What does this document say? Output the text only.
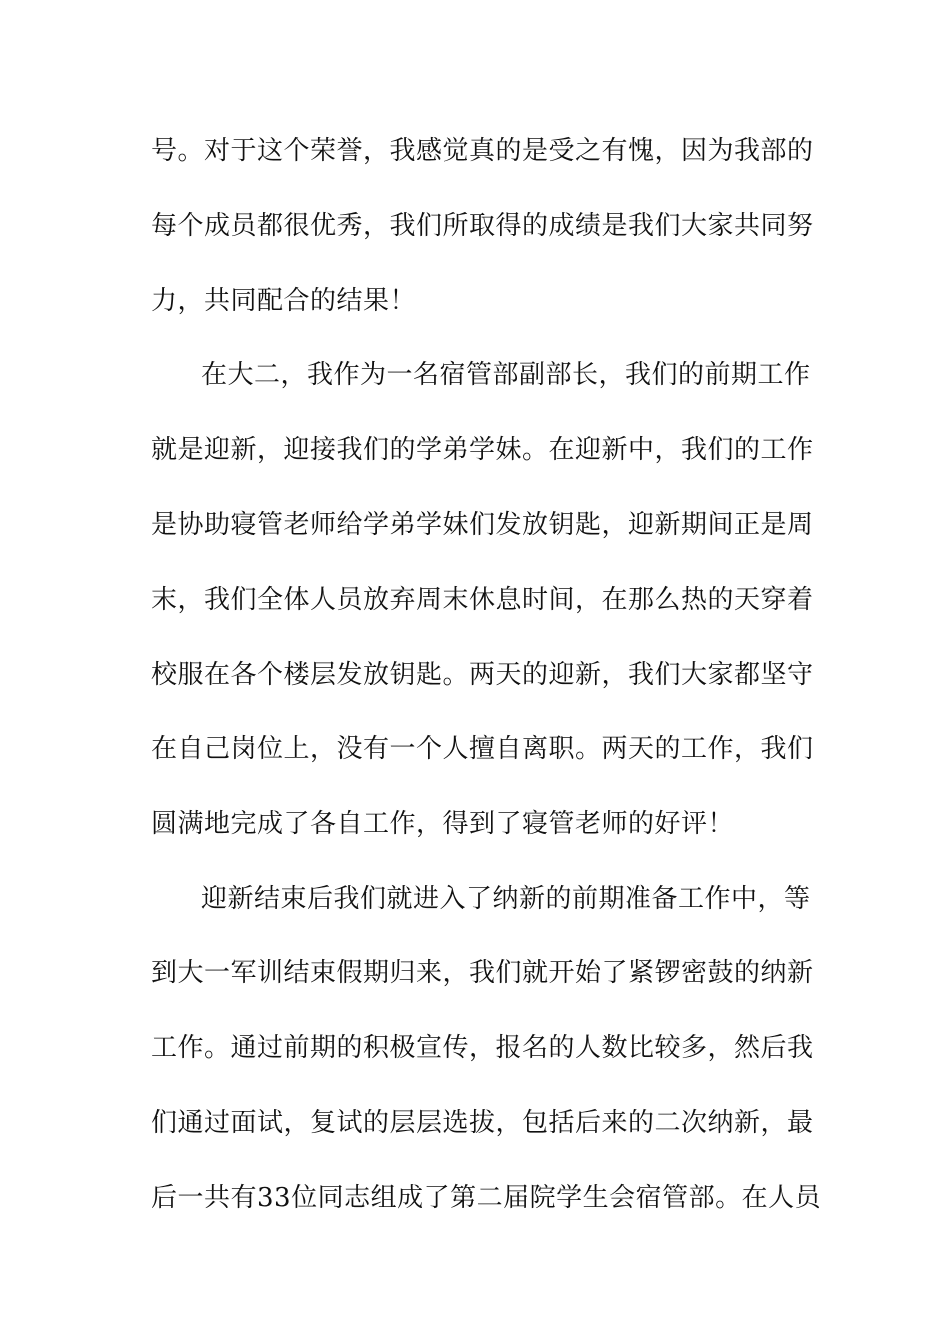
号。对于这个荣誉，我感觉真的是受之有愧，因为我部的
每个成员都很优秀，我们所取得的成绩是我们大家共同努
力，共同配合的结果！
在大二，我作为一名宿管部副部长，我们的前期工作
就是迎新，迎接我们的学弟学妹。在迎新中，我们的工作
是协助寝管老师给学弟学妹们发放钥匙，迎新期间正是周
末，我们全体人员放弃周末休息时间，在那么热的天穿着
校服在各个楼层发放钥匙。两天的迎新，我们大家都坚守
在自己岗位上，没有一个人擅自离职。两天的工作，我们
圆满地完成了各自工作，得到了寝管老师的好评！
迎新结束后我们就进入了纳新的前期准备工作中，等
到大一军训结束假期归来，我们就开始了紧锣密鼓的纳新
工作。通过前期的积极宣传，报名的人数比较多，然后我
们通过面试，复试的层层选拔，包括后来的二次纳新，最
后一共有33位同志组成了第二届院学生会宿管部。在人员
